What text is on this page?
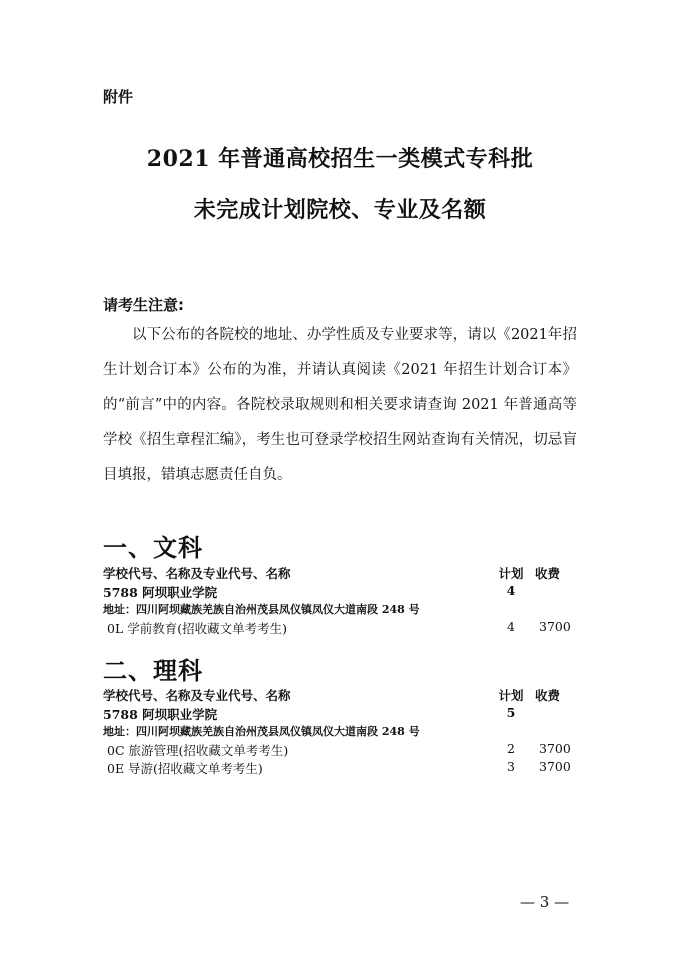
附件
2021 年普通高校招生一类模式专科批
未完成计划院校、专业及名额
请考生注意:

以下公布的各院校的地址、办学性质及专业要求等，请以《2021年招生计划合订本》公布的为准，并请认真阅读《2021 年招生计划合订本》的“前言”中的内容。各院校录取规则和相关要求请查询 2021 年普通高等学校《招生章程汇编》，考生也可登录学校招生网站查询有关情况，切忌盲目填报，错填志愿责任自负。

一、文科
学校代号、名称及专业代号、名称	计划 收费
5788 阿坝职业学院	4
地址：四川阿坝藏族羌族自治州茂县凤仪镇凤仪大道南段 248 号
0L 学前教育(招收藏文单考考生)	4	3700
二、理科
学校代号、名称及专业代号、名称	计划 收费
5788 阿坝职业学院	5
地址：四川阿坝藏族羌族自治州茂县凤仪镇凤仪大道南段 248 号
0C 旅游管理(招收藏文单考考生)	2	3700
0E 导游(招收藏文单考考生)	3	3700
— 3 —
